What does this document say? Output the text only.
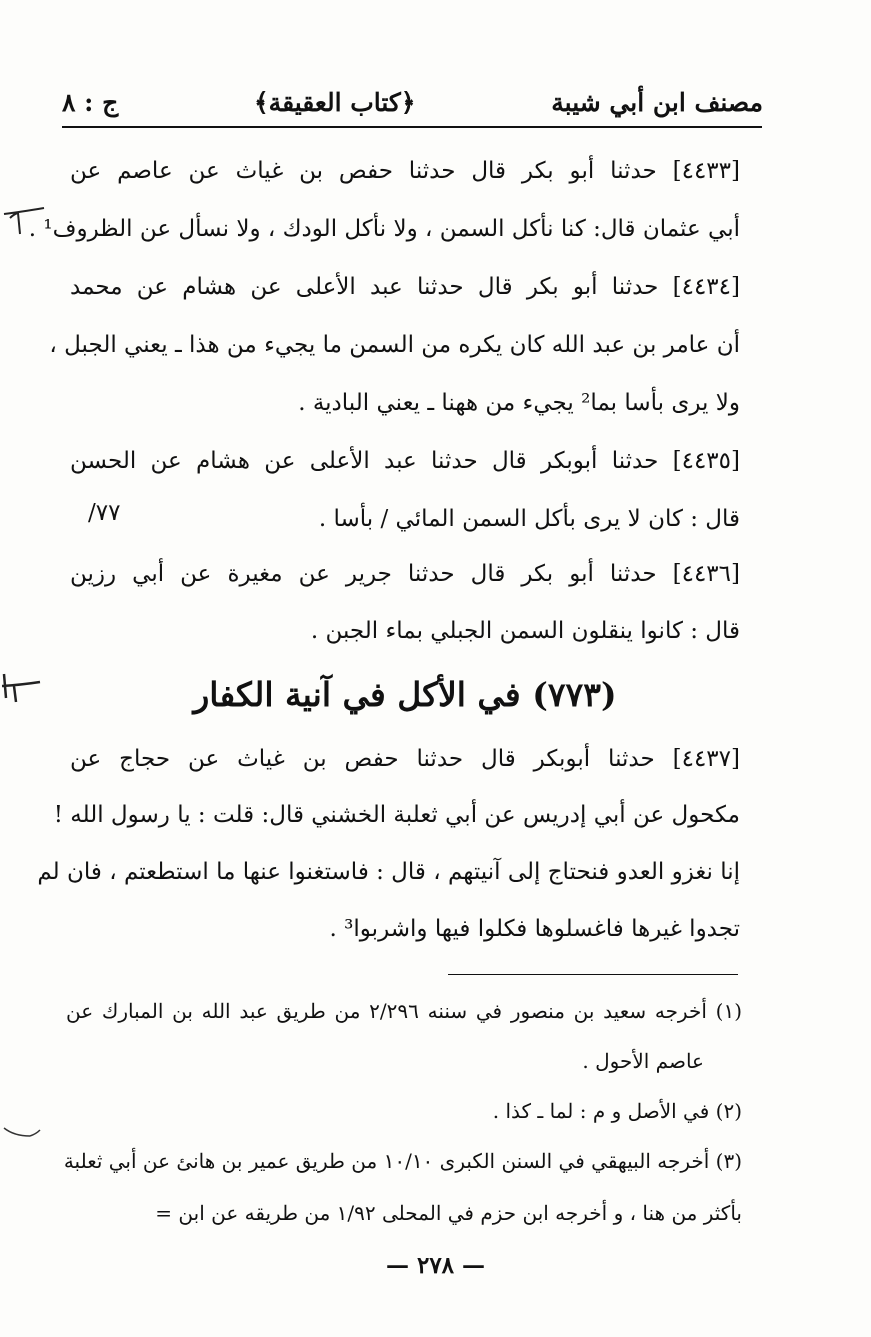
مصنف ابن أبي شيبة
﴿كتاب العقيقة﴾
ج : ٨
[٤٤٣٣] حدثنا أبو بكر قال حدثنا حفص بن غياث عن عاصم عن
أبي عثمان قال: كنا نأكل السمن ، ولا نأكل الودك ، ولا نسأل عن الظروف¹ .
[٤٤٣٤] حدثنا أبو بكر قال حدثنا عبد الأعلى عن هشام عن محمد
أن عامر بن عبد الله كان يكره من السمن ما يجيء من هذا ـ يعني الجبل ،
ولا يرى بأسا بما² يجيء من ههنا ـ يعني البادية .
[٤٤٣٥] حدثنا أبوبكر قال حدثنا عبد الأعلى عن هشام عن الحسن
قال : كان لا يرى بأكل السمن المائي / بأسا .
[٤٤٣٦] حدثنا أبو بكر قال حدثنا جرير عن مغيرة عن أبي رزين
قال : كانوا ينقلون السمن الجبلي بماء الجبن .
٧٧/
(٧٧٣) في الأكل في آنية الكفار
[٤٤٣٧] حدثنا أبوبكر قال حدثنا حفص بن غياث عن حجاج عن
مكحول عن أبي إدريس عن أبي ثعلبة الخشني قال: قلت : يا رسول الله !
إنا نغزو العدو فنحتاج إلى آنيتهم ، قال : فاستغنوا عنها ما استطعتم ، فان لم
تجدوا غيرها فاغسلوها فكلوا فيها واشربوا³ .
(١) أخرجه سعيد بن منصور في سننه ٢/٢٩٦ من طريق عبد الله بن المبارك عن
عاصم الأحول .
(٢) في الأصل و م : لما ـ كذا .
(٣) أخرجه البيهقي في السنن الكبرى ١٠/١٠ من طريق عمير بن هانئ عن أبي ثعلبة
بأكثر من هنا ، و أخرجه ابن حزم في المحلى ١/٩٢ من طريقه عن ابن =
— ٢٧٨ —
